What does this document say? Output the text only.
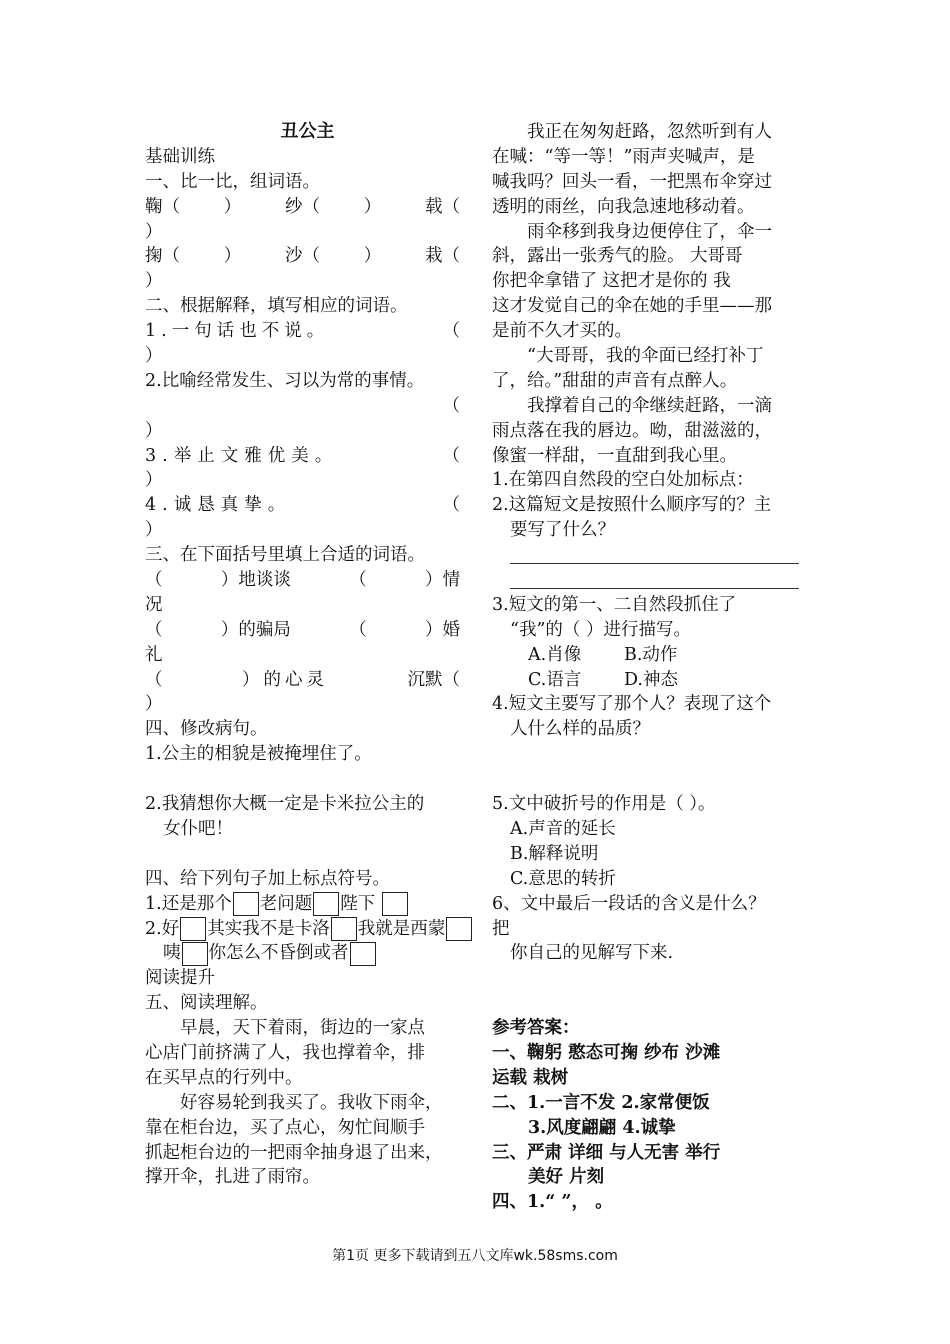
丑公主
基础训练
一、比一比，组词语。
鞠（	）	纱（	）	载（
）
掬（	）	沙（	）	栽（
）
二、根据解释，填写相应的词语。
1.一句话也不说。	（
）
2.比喻经常发生、习以为常的事情。
（
）
3.举止文雅优美。	（
）
4.诚恳真挚。	（
）
三、在下面括号里填上合适的词语。
（	）地谈谈	（	）情
况
（	）的骗局	（	）婚
礼
（	）的心灵	沉默（
）
四、修改病句。
1.公主的相貌是被掩埋住了。
2.我猜想你大概一定是卡米拉公主的
女仆吧！
四、给下列句子加上标点符号。
1.还是那个 老问题 陛下
2.好 其实我不是卡洛 我就是西蒙
咦 你怎么不昏倒或者
阅读提升
五、阅读理解。
早晨，天下着雨，街边的一家点
心店门前挤满了人，我也撑着伞，排
在买早点的行列中。
好容易轮到我买了。我收下雨伞，
靠在柜台边，买了点心，匆忙间顺手
抓起柜台边的一把雨伞抽身退了出来，
撑开伞，扎进了雨帘。
我正在匆匆赶路，忽然听到有人
在喊：“等一等！”雨声夹喊声，是
喊我吗？回头一看，一把黑布伞穿过
透明的雨丝，向我急速地移动着。
雨伞移到我身边便停住了，伞一
斜，露出一张秀气的脸。 大哥哥
你把伞拿错了 这把才是你的 我
这才发觉自己的伞在她的手里——那
是前不久才买的。
“大哥哥，我的伞面已经打补丁
了，给。”甜甜的声音有点醉人。
我撑着自己的伞继续赶路，一滴
雨点落在我的唇边。呦，甜滋滋的，
像蜜一样甜，一直甜到我心里。
1.在第四自然段的空白处加标点：
2.这篇短文是按照什么顺序写的？主
要写了什么？
3.短文的第一、二自然段抓住了
“我”的（ ）进行描写。
A.肖像 B.动作
C.语言 D.神态
4.短文主要写了那个人？表现了这个
人什么样的品质？
5.文中破折号的作用是（ ）。
A.声音的延长
B.解释说明
C.意思的转折
6、文中最后一段话的含义是什么？
把
你自己的见解写下来.
参考答案：
一、鞠躬 憨态可掬 纱布 沙滩
运载 栽树
二、1.一言不发 2.家常便饭
3.风度翩翩 4.诚挚
三、严肃 详细 与人无害 举行
美好 片刻
四、1.“ ”， 。
第1页 更多下载请到五八文库wk.58sms.com
